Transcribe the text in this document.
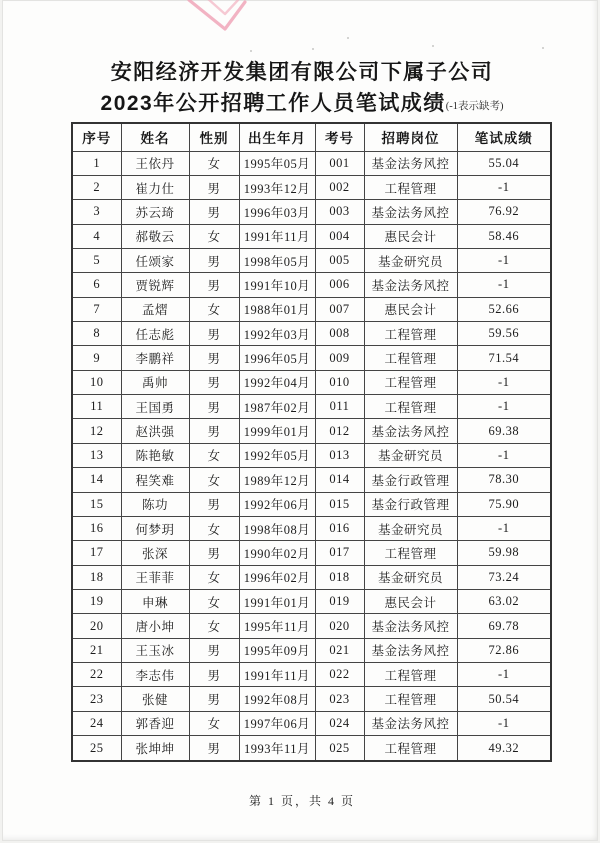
安阳经济开发集团有限公司下属子公司
2023年公开招聘工作人员笔试成绩(-1表示缺考)
序号	姓名	性别	出生年月	考号	招聘岗位	笔试成绩
1	王依丹	女	1995年05月	001	基金法务风控	55.04
2	崔力仕	男	1993年12月	002	工程管理	-1
3	苏云琦	男	1996年03月	003	基金法务风控	76.92
4	郝敬云	女	1991年11月	004	惠民会计	58.46
5	任颂家	男	1998年05月	005	基金研究员	-1
6	贾锐辉	男	1991年10月	006	基金法务风控	-1
7	孟熠	女	1988年01月	007	惠民会计	52.66
8	任志彪	男	1992年03月	008	工程管理	59.56
9	李鹏祥	男	1996年05月	009	工程管理	71.54
10	禹帅	男	1992年04月	010	工程管理	-1
11	王国勇	男	1987年02月	011	工程管理	-1
12	赵洪强	男	1999年01月	012	基金法务风控	69.38
13	陈艳敏	女	1992年05月	013	基金研究员	-1
14	程笑难	女	1989年12月	014	基金行政管理	78.30
15	陈功	男	1992年06月	015	基金行政管理	75.90
16	何梦玥	女	1998年08月	016	基金研究员	-1
17	张深	男	1990年02月	017	工程管理	59.98
18	王菲菲	女	1996年02月	018	基金研究员	73.24
19	申琳	女	1991年01月	019	惠民会计	63.02
20	唐小坤	女	1995年11月	020	基金法务风控	69.78
21	王玉冰	男	1995年09月	021	基金法务风控	72.86
22	李志伟	男	1991年11月	022	工程管理	-1
23	张健	男	1992年08月	023	工程管理	50.54
24	郭香迎	女	1997年06月	024	基金法务风控	-1
25	张坤坤	男	1993年11月	025	工程管理	49.32
第 1 页，共 4 页
